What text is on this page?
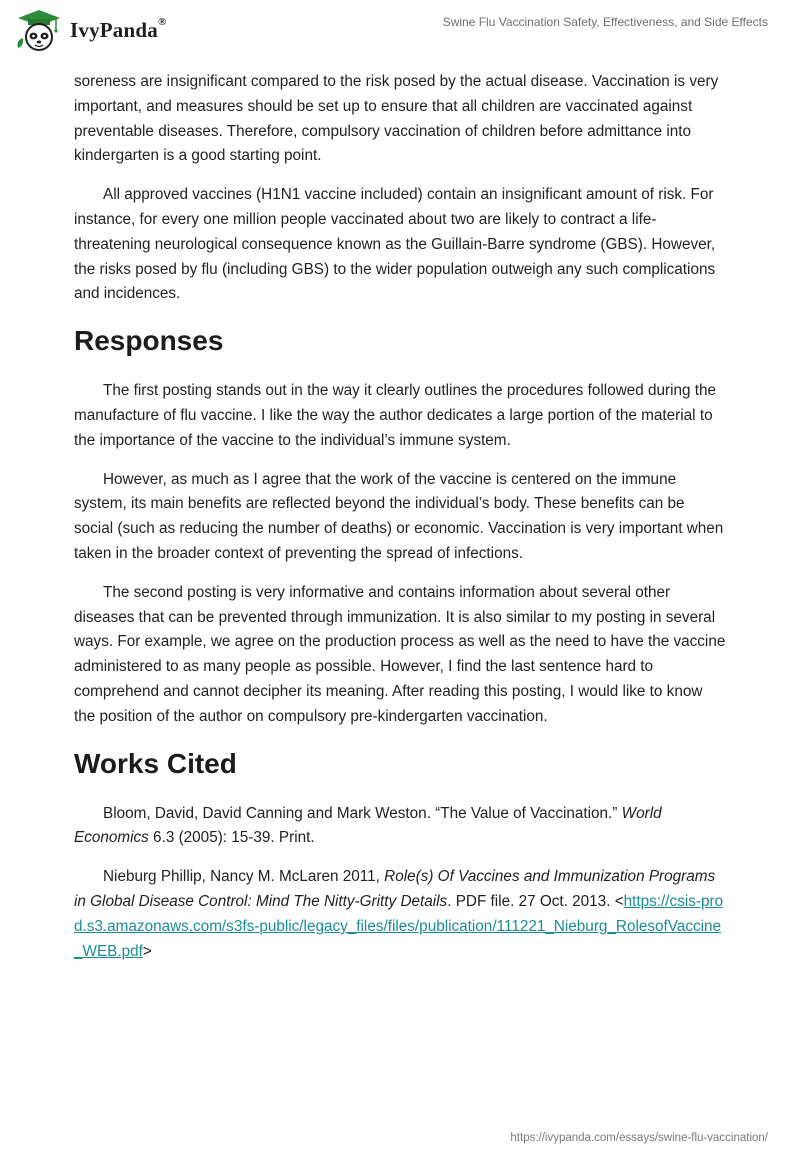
IvyPanda®	Swine Flu Vaccination Safety, Effectiveness, and Side Effects

soreness are insignificant compared to the risk posed by the actual disease. Vaccination is very important, and measures should be set up to ensure that all children are vaccinated against preventable diseases. Therefore, compulsory vaccination of children before admittance into kindergarten is a good starting point.

All approved vaccines (H1N1 vaccine included) contain an insignificant amount of risk. For instance, for every one million people vaccinated about two are likely to contract a life-threatening neurological consequence known as the Guillain-Barre syndrome (GBS). However, the risks posed by flu (including GBS) to the wider population outweigh any such complications and incidences.

Responses

The first posting stands out in the way it clearly outlines the procedures followed during the manufacture of flu vaccine. I like the way the author dedicates a large portion of the material to the importance of the vaccine to the individual’s immune system.

However, as much as I agree that the work of the vaccine is centered on the immune system, its main benefits are reflected beyond the individual’s body. These benefits can be social (such as reducing the number of deaths) or economic. Vaccination is very important when taken in the broader context of preventing the spread of infections.

The second posting is very informative and contains information about several other diseases that can be prevented through immunization. It is also similar to my posting in several ways. For example, we agree on the production process as well as the need to have the vaccine administered to as many people as possible. However, I find the last sentence hard to comprehend and cannot decipher its meaning. After reading this posting, I would like to know the position of the author on compulsory pre-kindergarten vaccination.

Works Cited

Bloom, David, David Canning and Mark Weston. “The Value of Vaccination.” World Economics 6.3 (2005): 15-39. Print.

Nieburg Phillip, Nancy M. McLaren 2011, Role(s) Of Vaccines and Immunization Programs in Global Disease Control: Mind The Nitty-Gritty Details. PDF file. 27 Oct. 2013. <https://csis-prod.s3.amazonaws.com/s3fs-public/legacy_files/files/publication/111221_Nieburg_RolesofVaccine_WEB.pdf>

https://ivypanda.com/essays/swine-flu-vaccination/
